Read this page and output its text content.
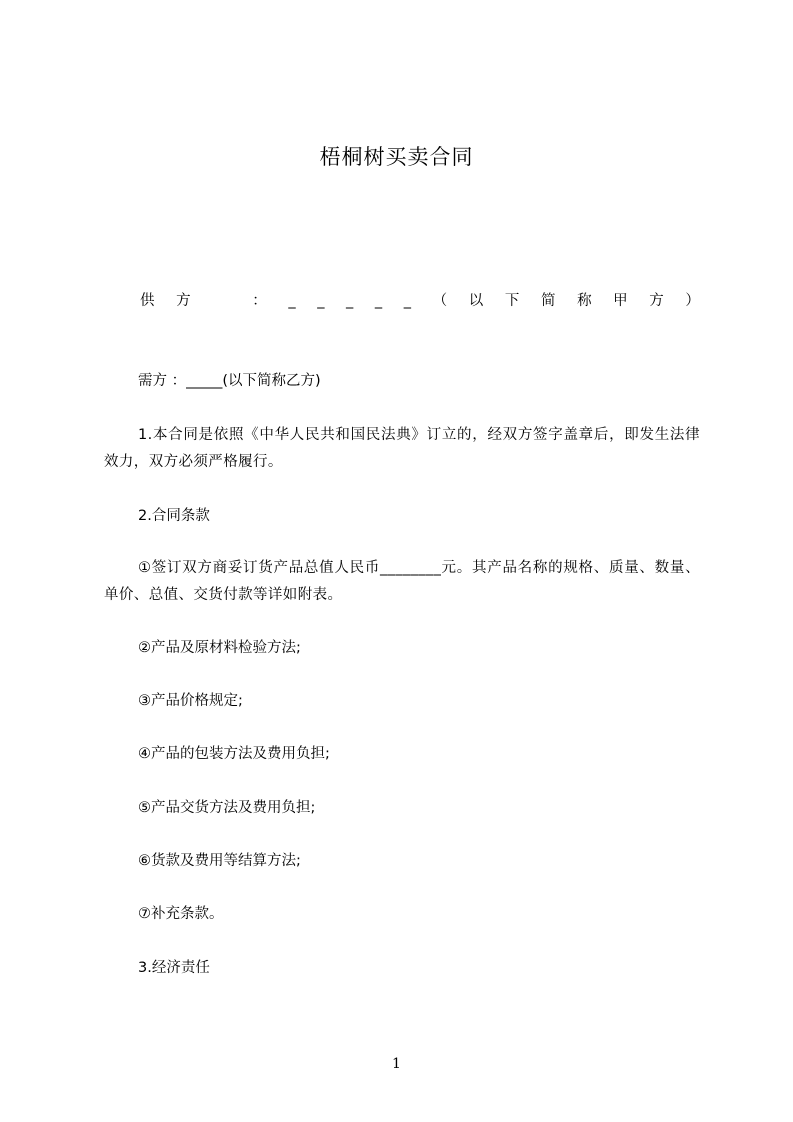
梧桐树买卖合同
供 方	： _ _ _ _ _ （ 以 下 简 称 甲 方 ）
需方 ：_____(以下简称乙方)
1.本合同是依照《中华人民共和国民法典》订立的，经双方签字盖章后，即发生法律效力，双方必须严格履行。
2.合同条款
①签订双方商妥订货产品总值人民币________元。其产品名称的规格、质量、数量、单价、总值、交货付款等详如附表。
②产品及原材料检验方法;
③产品价格规定;
④产品的包装方法及费用负担;
⑤产品交货方法及费用负担;
⑥货款及费用等结算方法;
⑦补充条款。
3.经济责任
1
